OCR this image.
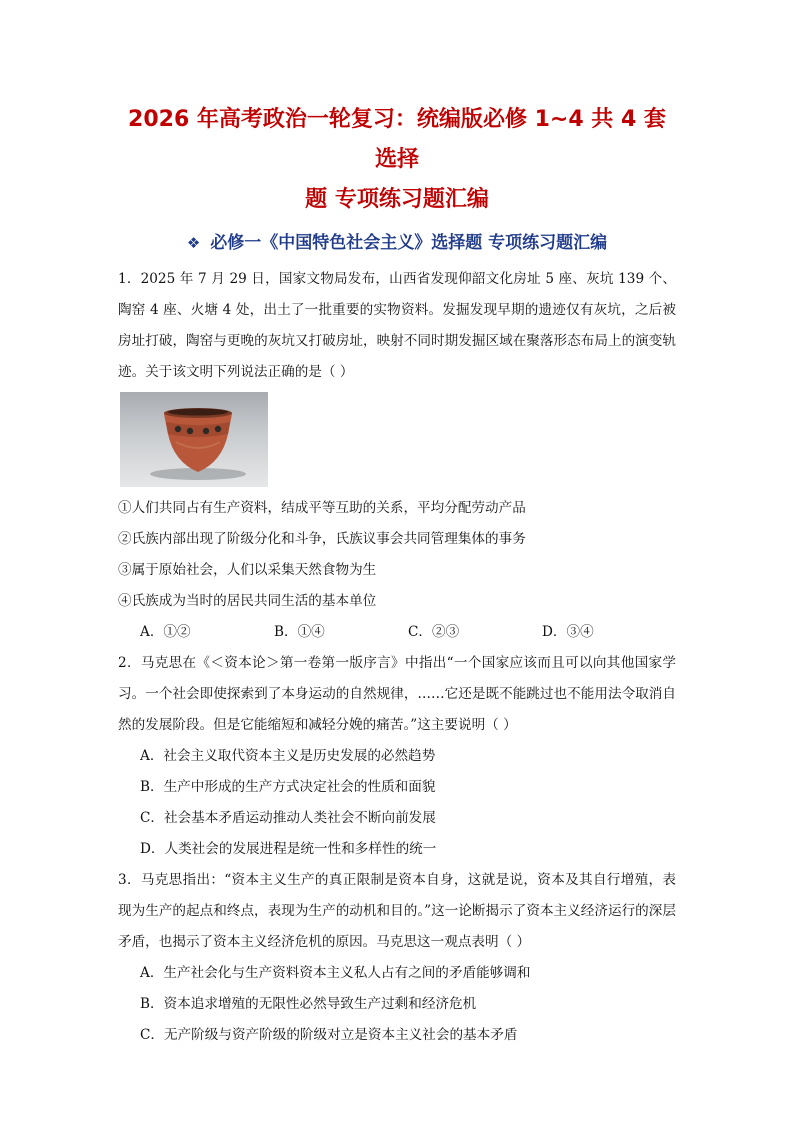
2026 年高考政治一轮复习：统编版必修 1~4 共 4 套选择

题 专项练习题汇编

❖ 必修一《中国特色社会主义》选择题 专项练习题汇编

1．2025 年 7 月 29 日，国家文物局发布，山西省发现仰韶文化房址 5 座、灰坑 139 个、陶窑 4 座、火塘 4 处，出土了一批重要的实物资料。发掘发现早期的遗迹仅有灰坑，之后被房址打破，陶窑与更晚的灰坑又打破房址，映射不同时期发掘区域在聚落形态布局上的演变轨迹。关于该文明下列说法正确的是（ ）

①人们共同占有生产资料，结成平等互助的关系，平均分配劳动产品

②氏族内部出现了阶级分化和斗争，氏族议事会共同管理集体的事务

③属于原始社会，人们以采集天然食物为生

④氏族成为当时的居民共同生活的基本单位

A．①②	B．①④	C．②③	D．③④

2．马克思在《＜资本论＞第一卷第一版序言》中指出“一个国家应该而且可以向其他国家学习。一个社会即使探索到了本身运动的自然规律，……它还是既不能跳过也不能用法令取消自然的发展阶段。但是它能缩短和减轻分娩的痛苦。”这主要说明（ ）

A．社会主义取代资本主义是历史发展的必然趋势

B．生产中形成的生产方式决定社会的性质和面貌

C．社会基本矛盾运动推动人类社会不断向前发展

D．人类社会的发展进程是统一性和多样性的统一

3．马克思指出：“资本主义生产的真正限制是资本自身，这就是说，资本及其自行增殖，表现为生产的起点和终点，表现为生产的动机和目的。”这一论断揭示了资本主义经济运行的深层矛盾，也揭示了资本主义经济危机的原因。马克思这一观点表明（ ）

A．生产社会化与生产资料资本主义私人占有之间的矛盾能够调和

B．资本追求增殖的无限性必然导致生产过剩和经济危机

C．无产阶级与资产阶级的阶级对立是资本主义社会的基本矛盾
